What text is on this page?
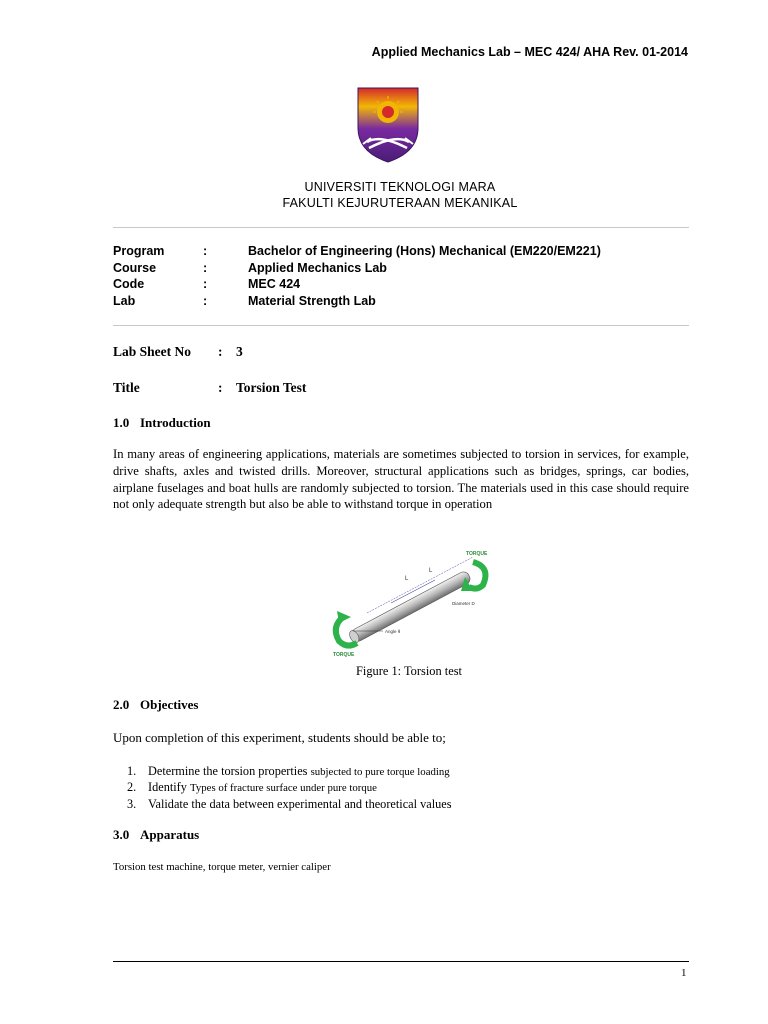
Applied Mechanics Lab – MEC 424/ AHA Rev. 01-2014
UNIVERSITI TEKNOLOGI MARA
FAKULTI KEJURUTERAAN MEKANIKAL
Program	:	Bachelor of Engineering (Hons) Mechanical (EM220/EM221)
Course	:	Applied Mechanics Lab
Code	:	MEC 424
Lab	:	Material Strength Lab
Lab Sheet No : 3
Title	: Torsion Test
1.0 Introduction
In many areas of engineering applications, materials are sometimes subjected to torsion in services, for example, drive shafts, axles and twisted drills. Moreover, structural applications such as bridges, springs, car bodies, airplane fuselages and boat hulls are randomly subjected to torsion. The materials used in this case should require not only adequate strength but also be able to withstand torque in operation
L
L
Diameter D
Angle θ
TORQUE
TORQUE
Figure 1: Torsion test
2.0 Objectives
Upon completion of this experiment, students should be able to;
1. Determine the torsion properties subjected to pure torque loading
2. Identify Types of fracture surface under pure torque
3. Validate the data between experimental and theoretical values
3.0 Apparatus
Torsion test machine, torque meter, vernier caliper
1
